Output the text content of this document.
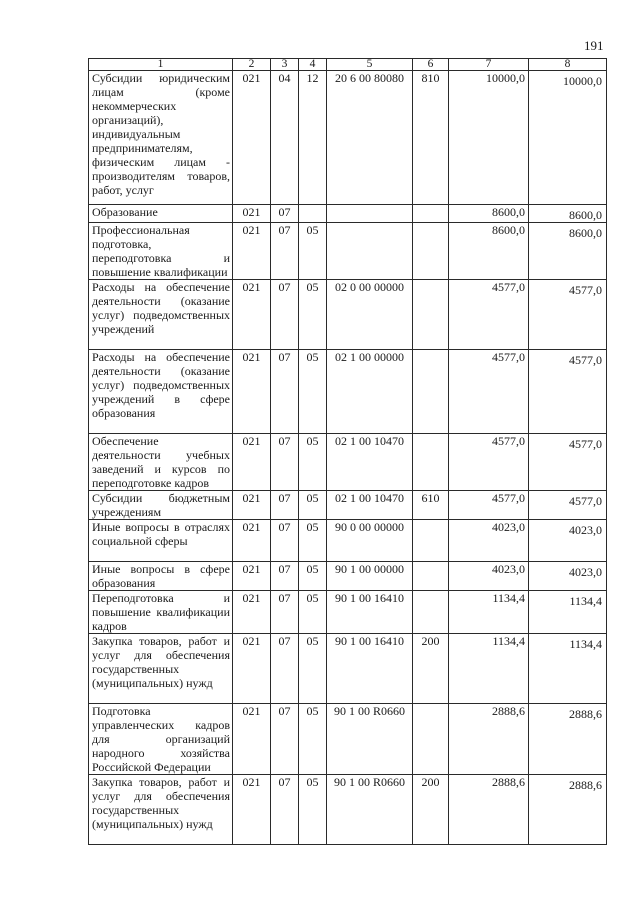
191
1	2	3	4	5	6	7	8
Субсидии юридическим лицам (кроме некоммерческих организаций), индивидуальным предпринимателям, физическим лицам - производителям товаров, работ, услуг	021	04	12	20 6 00 80080	810	10000,0	10000,0
Образование	021	07				8600,0	8600,0
Профессиональная подготовка, переподготовка и повышение квалификации	021	07	05			8600,0	8600,0
Расходы на обеспечение деятельности (оказание услуг) подведомственных учреждений	021	07	05	02 0 00 00000		4577,0	4577,0
Расходы на обеспечение деятельности (оказание услуг) подведомственных учреждений в сфере образования	021	07	05	02 1 00 00000		4577,0	4577,0
Обеспечение деятельности учебных заведений и курсов по переподготовке кадров	021	07	05	02 1 00 10470		4577,0	4577,0
Субсидии бюджетным учреждениям	021	07	05	02 1 00 10470	610	4577,0	4577,0
Иные вопросы в отраслях социальной сферы	021	07	05	90 0 00 00000		4023,0	4023,0
Иные вопросы в сфере образования	021	07	05	90 1 00 00000		4023,0	4023,0
Переподготовка и повышение квалификации кадров	021	07	05	90 1 00 16410		1134,4	1134,4
Закупка товаров, работ и услуг для обеспечения государственных (муниципальных) нужд	021	07	05	90 1 00 16410	200	1134,4	1134,4
Подготовка управленческих кадров для организаций народного хозяйства Российской Федерации	021	07	05	90 1 00 R0660		2888,6	2888,6
Закупка товаров, работ и услуг для обеспечения государственных (муниципальных) нужд	021	07	05	90 1 00 R0660	200	2888,6	2888,6
